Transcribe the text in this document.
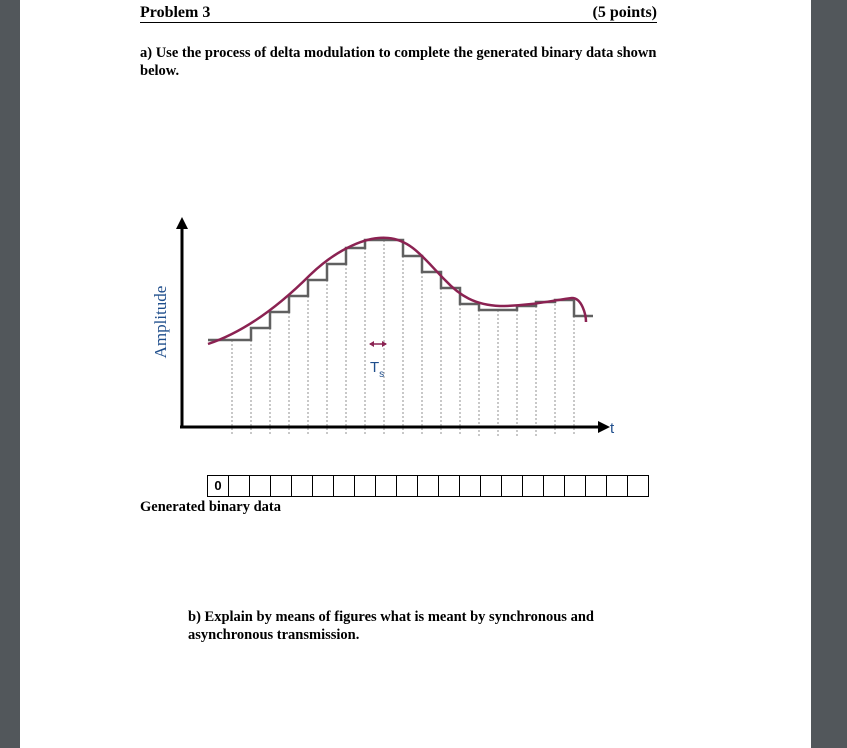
Problem 3	(5 points)
a) Use the process of delta modulation to complete the generated binary data shown below.
t
Amplitude
$T_s$
0
Generated binary data
b) Explain by means of figures what is meant by synchronous and asynchronous transmission.
